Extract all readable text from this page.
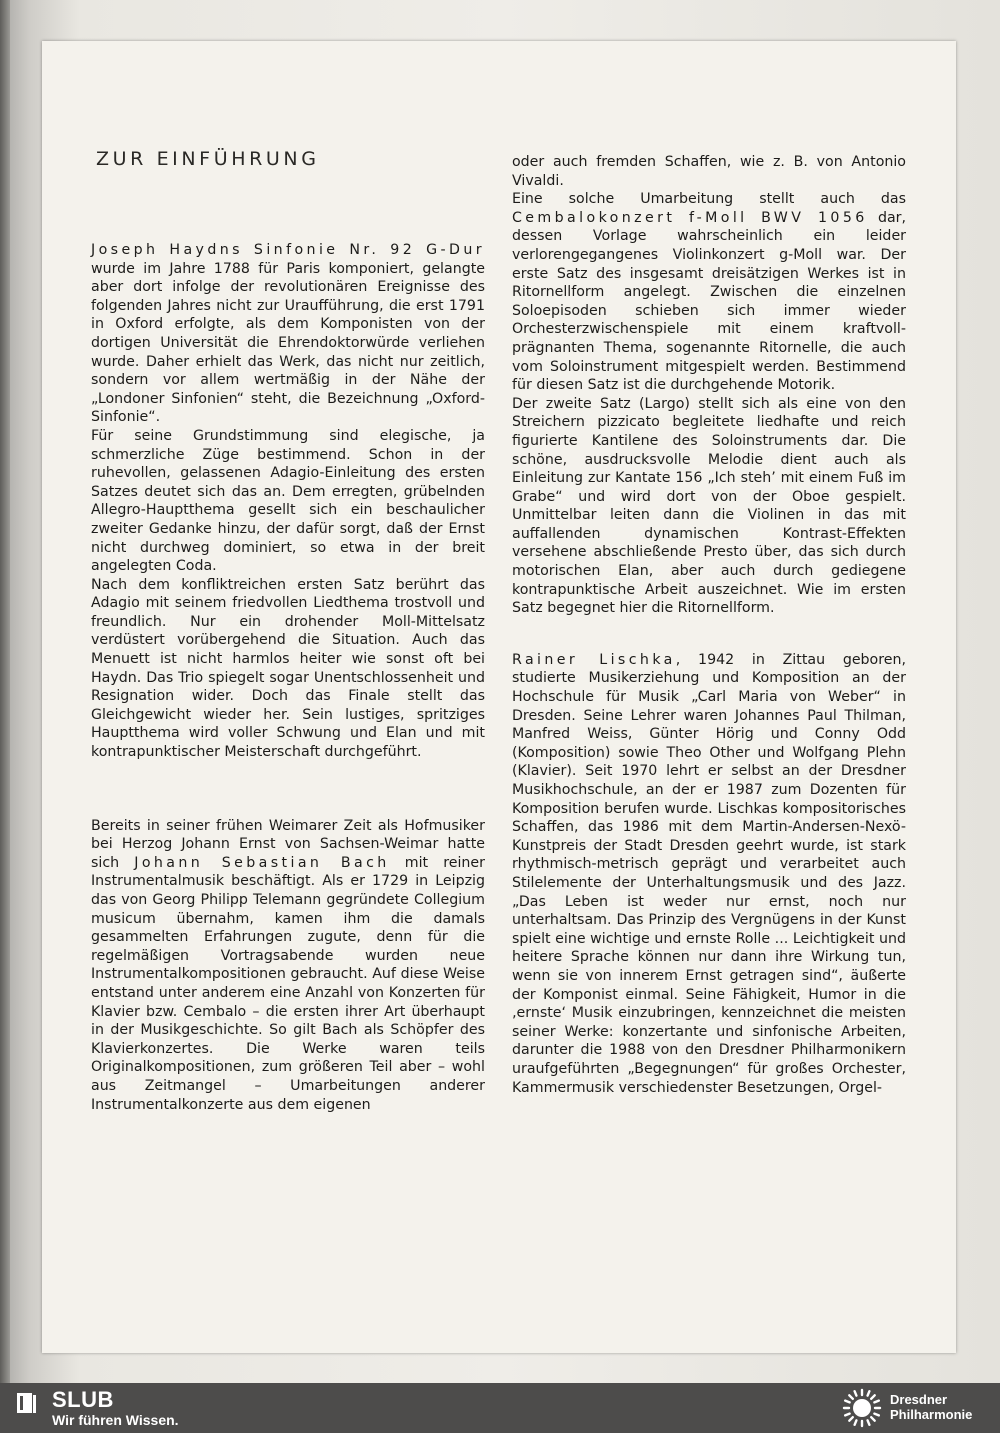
ZUR EINFÜHRUNG

Joseph Haydns Sinfonie Nr. 92 G-Dur wurde im Jahre 1788 für Paris komponiert, gelangte aber dort infolge der revolutionären Ereignisse des folgenden Jahres nicht zur Uraufführung, die erst 1791 in Oxford erfolgte, als dem Komponisten von der dortigen Universität die Ehrendoktorwürde verliehen wurde. Daher erhielt das Werk, das nicht nur zeitlich, sondern vor allem wertmäßig in der Nähe der „Londoner Sinfonien“ steht, die Bezeichnung „Oxford-Sinfonie“.

Für seine Grundstimmung sind elegische, ja schmerzliche Züge bestimmend. Schon in der ruhevollen, gelassenen Adagio-Einleitung des ersten Satzes deutet sich das an. Dem erregten, grübelnden Allegro-Hauptthema gesellt sich ein beschaulicher zweiter Gedanke hinzu, der dafür sorgt, daß der Ernst nicht durchweg dominiert, so etwa in der breit angelegten Coda.

Nach dem konfliktreichen ersten Satz berührt das Adagio mit seinem friedvollen Liedthema trostvoll und freundlich. Nur ein drohender Moll-Mittelsatz verdüstert vorübergehend die Situation. Auch das Menuett ist nicht harmlos heiter wie sonst oft bei Haydn. Das Trio spiegelt sogar Unentschlossenheit und Resignation wider. Doch das Finale stellt das Gleichgewicht wieder her. Sein lustiges, spritziges Hauptthema wird voller Schwung und Elan und mit kontrapunktischer Meisterschaft durchgeführt.

Bereits in seiner frühen Weimarer Zeit als Hofmusiker bei Herzog Johann Ernst von Sachsen-Weimar hatte sich Johann Sebastian Bach mit reiner Instrumentalmusik beschäftigt. Als er 1729 in Leipzig das von Georg Philipp Telemann gegründete Collegium musicum übernahm, kamen ihm die damals gesammelten Erfahrungen zugute, denn für die regelmäßigen Vortragsabende wurden neue Instrumentalkompositionen gebraucht. Auf diese Weise entstand unter anderem eine Anzahl von Konzerten für Klavier bzw. Cembalo – die ersten ihrer Art überhaupt in der Musikgeschichte. So gilt Bach als Schöpfer des Klavierkonzertes. Die Werke waren teils Originalkompositionen, zum größeren Teil aber – wohl aus Zeitmangel – Umarbeitungen anderer Instrumentalkonzerte aus dem eigenen

oder auch fremden Schaffen, wie z. B. von Antonio Vivaldi.

Eine solche Umarbeitung stellt auch das Cembalokonzert f-Moll BWV 1056 dar, dessen Vorlage wahrscheinlich ein leider verlorengegangenes Violinkonzert g-Moll war. Der erste Satz des insgesamt dreisätzigen Werkes ist in Ritornellform angelegt. Zwischen die einzelnen Soloepisoden schieben sich immer wieder Orchesterzwischenspiele mit einem kraftvoll-prägnanten Thema, sogenannte Ritornelle, die auch vom Soloinstrument mitgespielt werden. Bestimmend für diesen Satz ist die durchgehende Motorik.

Der zweite Satz (Largo) stellt sich als eine von den Streichern pizzicato begleitete liedhafte und reich figurierte Kantilene des Soloinstruments dar. Die schöne, ausdrucksvolle Melodie dient auch als Einleitung zur Kantate 156 „Ich steh’ mit einem Fuß im Grabe“ und wird dort von der Oboe gespielt. Unmittelbar leiten dann die Violinen in das mit auffallenden dynamischen Kontrast-Effekten versehene abschließende Presto über, das sich durch motorischen Elan, aber auch durch gediegene kontrapunktische Arbeit auszeichnet. Wie im ersten Satz begegnet hier die Ritornellform.

Rainer Lischka, 1942 in Zittau geboren, studierte Musikerziehung und Komposition an der Hochschule für Musik „Carl Maria von Weber“ in Dresden. Seine Lehrer waren Johannes Paul Thilman, Manfred Weiss, Günter Hörig und Conny Odd (Komposition) sowie Theo Other und Wolfgang Plehn (Klavier). Seit 1970 lehrt er selbst an der Dresdner Musikhochschule, an der er 1987 zum Dozenten für Komposition berufen wurde. Lischkas kompositorisches Schaffen, das 1986 mit dem Martin-Andersen-Nexö-Kunstpreis der Stadt Dresden geehrt wurde, ist stark rhythmisch-metrisch geprägt und verarbeitet auch Stilelemente der Unterhaltungsmusik und des Jazz. „Das Leben ist weder nur ernst, noch nur unterhaltsam. Das Prinzip des Vergnügens in der Kunst spielt eine wichtige und ernste Rolle ... Leichtigkeit und heitere Sprache können nur dann ihre Wirkung tun, wenn sie von innerem Ernst getragen sind“, äußerte der Komponist einmal. Seine Fähigkeit, Humor in die ‚ernste‘ Musik einzubringen, kennzeichnet die meisten seiner Werke: konzertante und sinfonische Arbeiten, darunter die 1988 von den Dresdner Philharmonikern uraufgeführten „Begegnungen“ für großes Orchester, Kammermusik verschiedenster Besetzungen, Orgel-

SLUB
Wir führen Wissen.
Dresdner
Philharmonie
